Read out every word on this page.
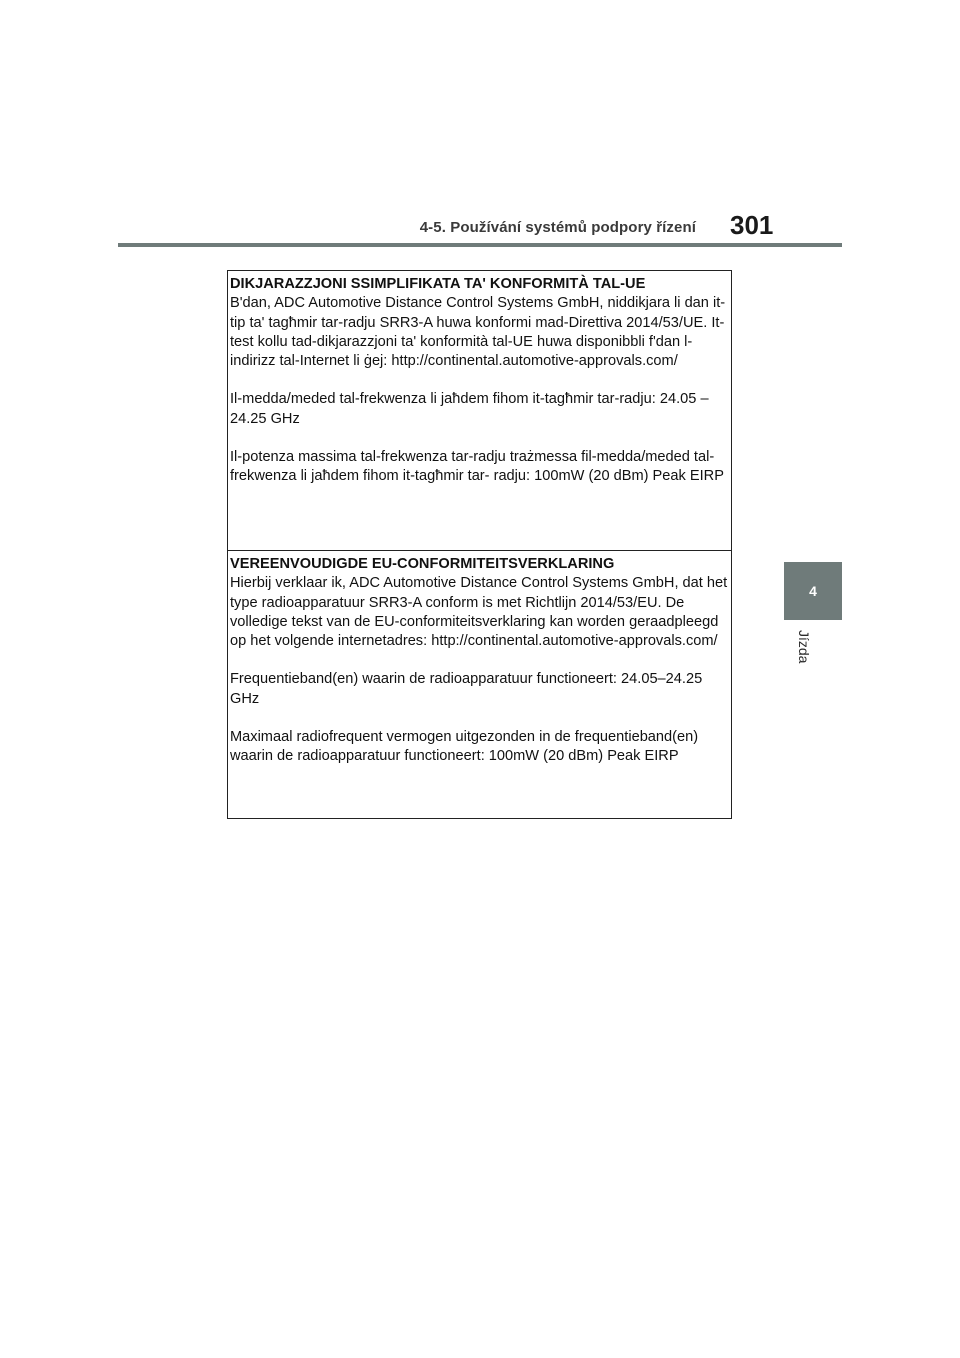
4-5. Používání systémů podpory řízení 301
4
Jízda

DIKJARAZZJONI SSIMPLIFIKATA TA' KONFORMITÀ TAL-UE

B'dan, ADC Automotive Distance Control Systems GmbH, niddikjara li dan it-tip ta' tagħmir tar-radju SRR3-A huwa konformi mad-Direttiva 2014/53/UE. It-test kollu tad-dikjarazzjoni ta' konformità tal-UE huwa disponibbli f'dan l-indirizz tal-Internet li ġej: http://continental.automotive-approvals.com/

Il-medda/meded tal-frekwenza li jaħdem fihom it-tagħmir tar-radju: 24.05 –24.25 GHz

Il-potenza massima tal-frekwenza tar-radju trażmessa fil-medda/meded tal-frekwenza li jaħdem fihom it-tagħmir tar- radju: 100mW (20 dBm) Peak EIRP

VEREENVOUDIGDE EU-CONFORMITEITSVERKLARING

Hierbij verklaar ik, ADC Automotive Distance Control Systems GmbH, dat het type radioapparatuur SRR3-A conform is met Richtlijn 2014/53/EU. De volledige tekst van de EU-conformiteitsverklaring kan worden geraadpleegd op het volgende internetadres: http://continental.automotive-approvals.com/

Frequentieband(en) waarin de radioapparatuur functioneert: 24.05–24.25 GHz

Maximaal radiofrequent vermogen uitgezonden in de frequentieband(en) waarin de radioapparatuur functioneert: 100mW (20 dBm) Peak EIRP
